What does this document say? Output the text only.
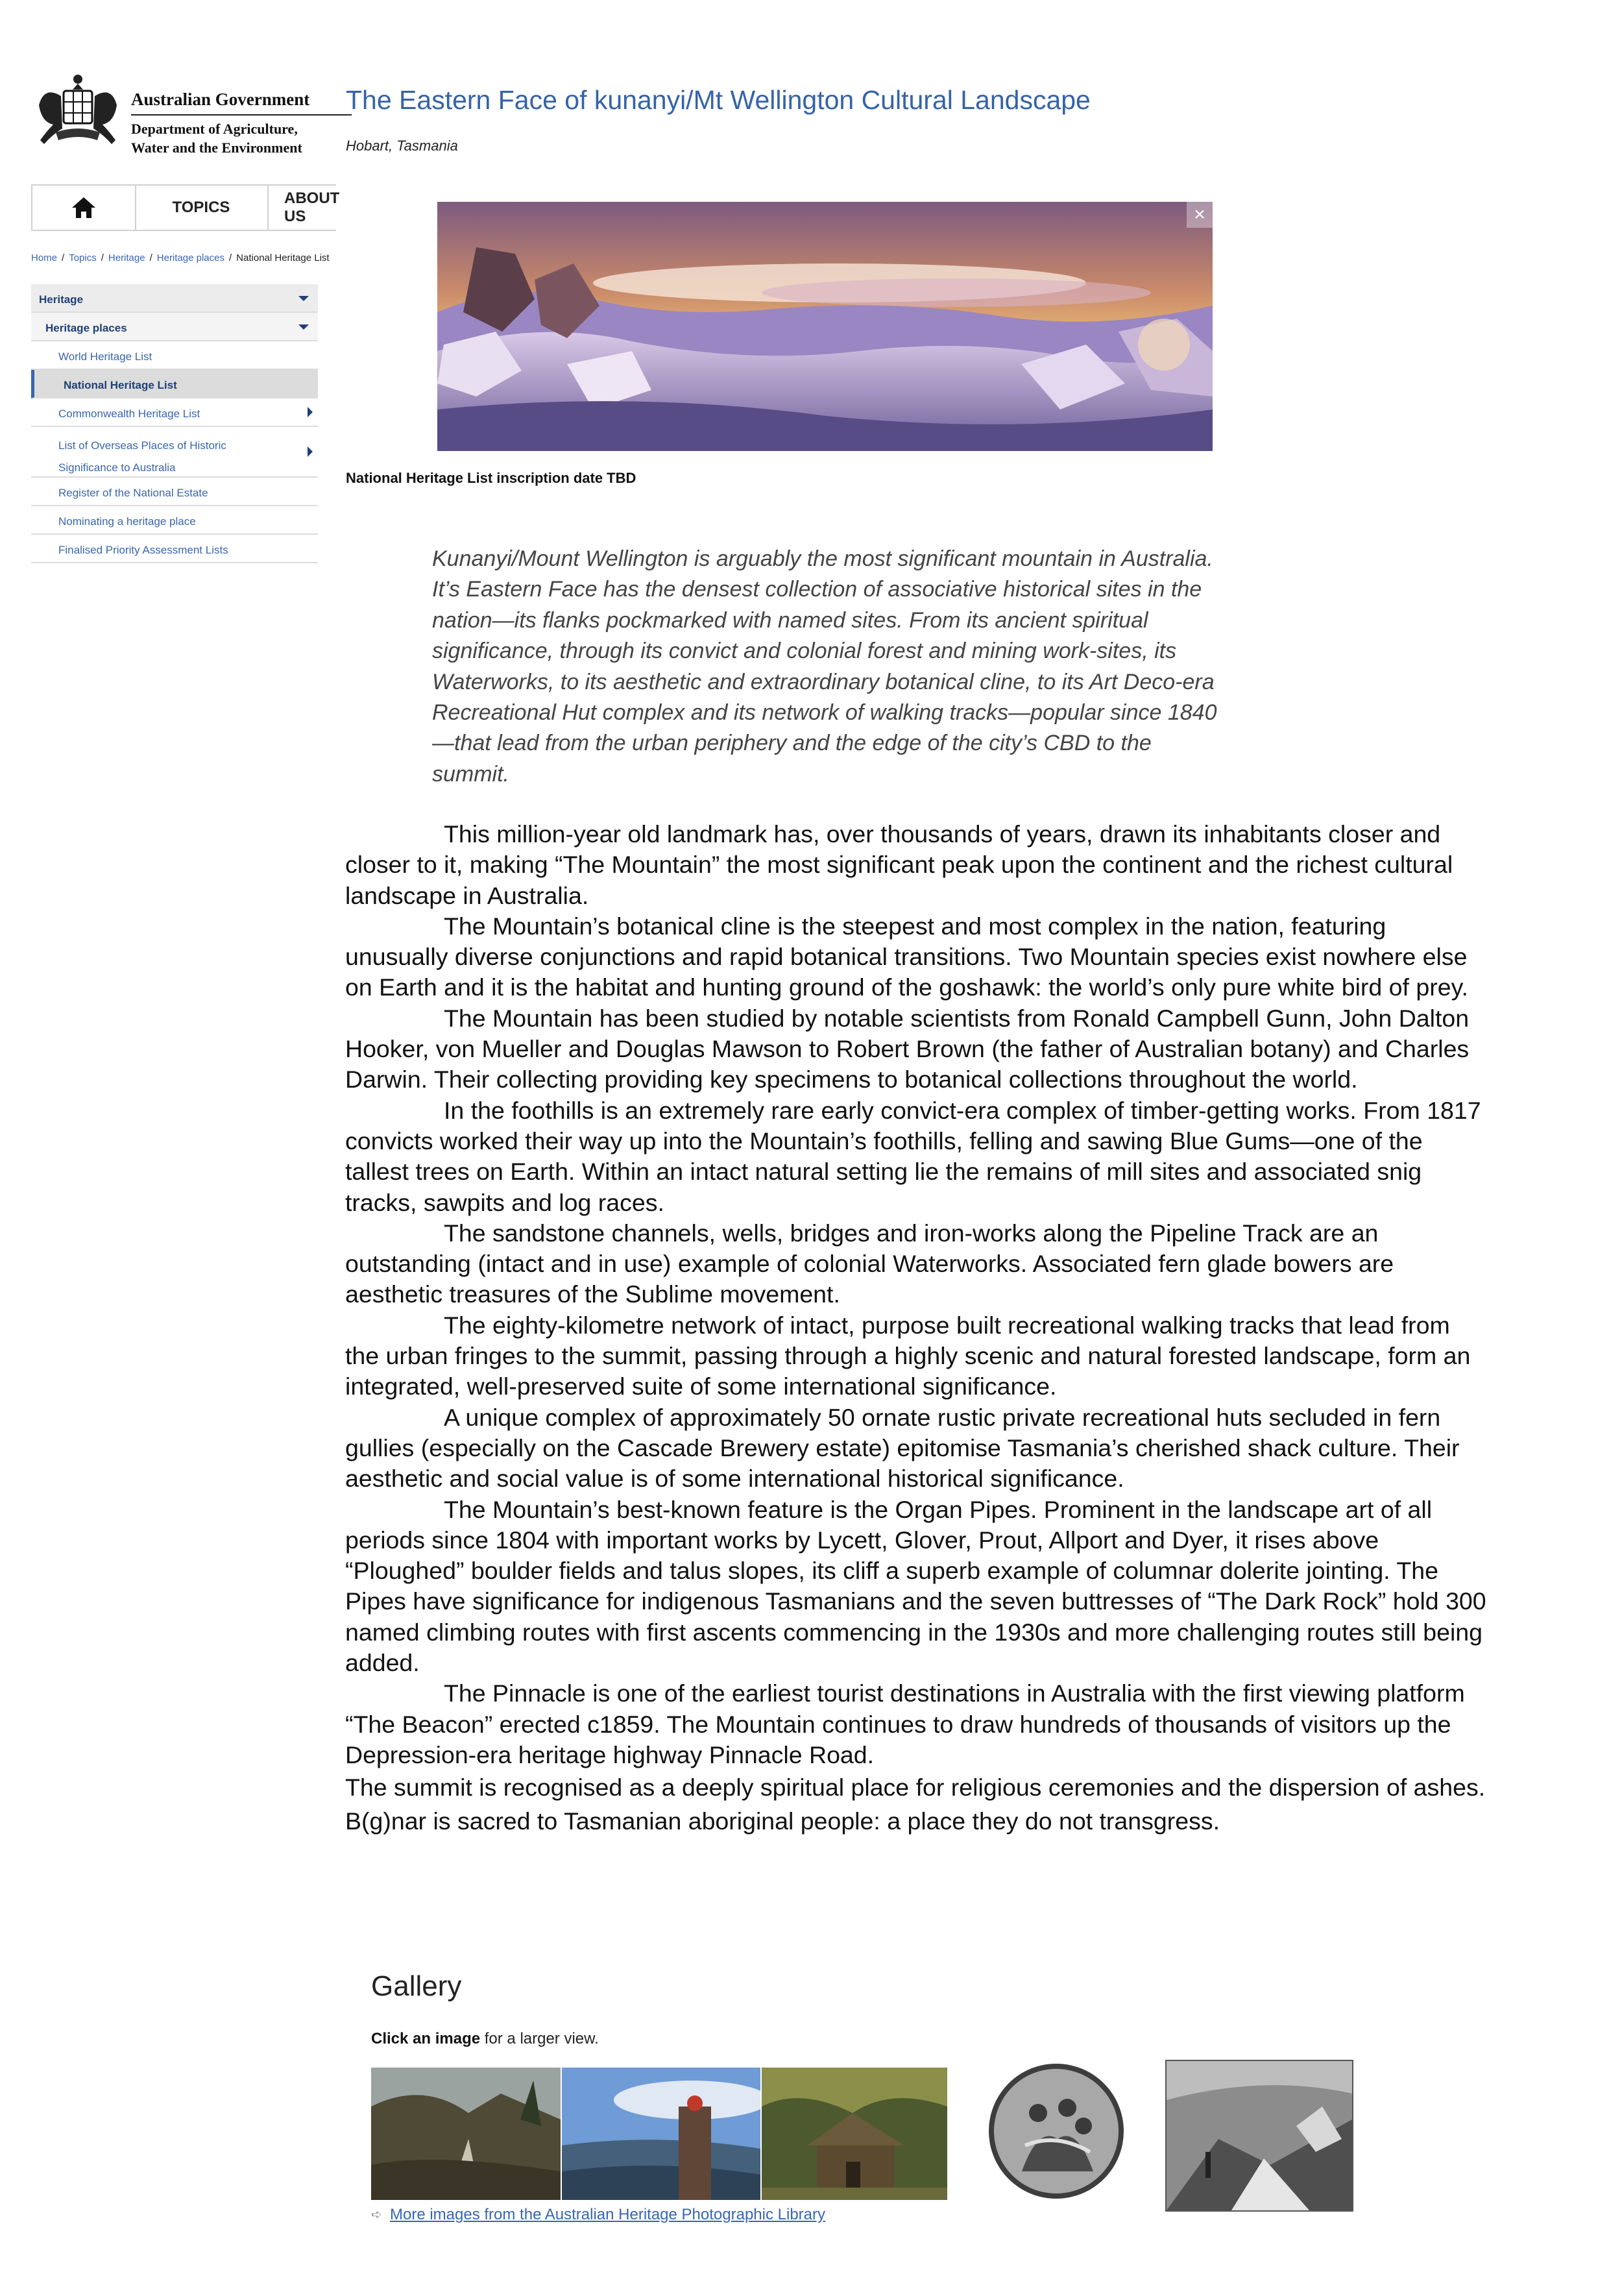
Australian Government
Department of Agriculture,
Water and the Environment
The Eastern Face of kunanyi/Mt Wellington Cultural Landscape
Hobart, Tasmania
TOPICS
ABOUT US
Home / Topics / Heritage / Heritage places / National Heritage List
Heritage
Heritage places
World Heritage List
National Heritage List
Commonwealth Heritage List
List of Overseas Places of Historic
Significance to Australia
Register of the National Estate
Nominating a heritage place
Finalised Priority Assessment Lists
×
National Heritage List inscription date TBD
Kunanyi/Mount Wellington is arguably the most significant mountain in Australia. It’s Eastern Face has the densest collection of associative historical sites in the nation—its flanks pockmarked with named sites. From its ancient spiritual significance, through its convict and colonial forest and mining work-sites, its Waterworks, to its aesthetic and extraordinary botanical cline, to its Art Deco-era Recreational Hut complex and its network of walking tracks—popular since 1840—that lead from the urban periphery and the edge of the city’s CBD to the summit.

This million-year old landmark has, over thousands of years, drawn its inhabitants closer and closer to it, making “The Mountain” the most significant peak upon the continent and the richest cultural landscape in Australia.

The Mountain’s botanical cline is the steepest and most complex in the nation, featuring unusually diverse conjunctions and rapid botanical transitions. Two Mountain species exist nowhere else on Earth and it is the habitat and hunting ground of the goshawk: the world’s only pure white bird of prey.

The Mountain has been studied by notable scientists from Ronald Campbell Gunn, John Dalton Hooker, von Mueller and Douglas Mawson to Robert Brown (the father of Australian botany) and Charles Darwin. Their collecting providing key specimens to botanical collections throughout the world.

In the foothills is an extremely rare early convict-era complex of timber-getting works. From 1817 convicts worked their way up into the Mountain’s foothills, felling and sawing Blue Gums—one of the tallest trees on Earth. Within an intact natural setting lie the remains of mill sites and associated snig tracks, sawpits and log races.

The sandstone channels, wells, bridges and iron-works along the Pipeline Track are an outstanding (intact and in use) example of colonial Waterworks. Associated fern glade bowers are aesthetic treasures of the Sublime movement.

The eighty-kilometre network of intact, purpose built recreational walking tracks that lead from the urban fringes to the summit, passing through a highly scenic and natural forested landscape, form an integrated, well-preserved suite of some international significance.

A unique complex of approximately 50 ornate rustic private recreational huts secluded in fern gullies (especially on the Cascade Brewery estate) epitomise Tasmania’s cherished shack culture. Their aesthetic and social value is of some international historical significance.

The Mountain’s best-known feature is the Organ Pipes. Prominent in the landscape art of all periods since 1804 with important works by Lycett, Glover, Prout, Allport and Dyer, it rises above “Ploughed” boulder fields and talus slopes, its cliff a superb example of columnar dolerite jointing. The Pipes have significance for indigenous Tasmanians and the seven buttresses of “The Dark Rock” hold 300 named climbing routes with first ascents commencing in the 1930s and more challenging routes still being added.

The Pinnacle is one of the earliest tourist destinations in Australia with the first viewing platform “The Beacon” erected c1859. The Mountain continues to draw hundreds of thousands of visitors up the Depression-era heritage highway Pinnacle Road.

The summit is recognised as a deeply spiritual place for religious ceremonies and the dispersion of ashes. B(g)nar is sacred to Tasmanian aboriginal people: a place they do not transgress.

Gallery
Click an image for a larger view.
➪ More images from the Australian Heritage Photographic Library
